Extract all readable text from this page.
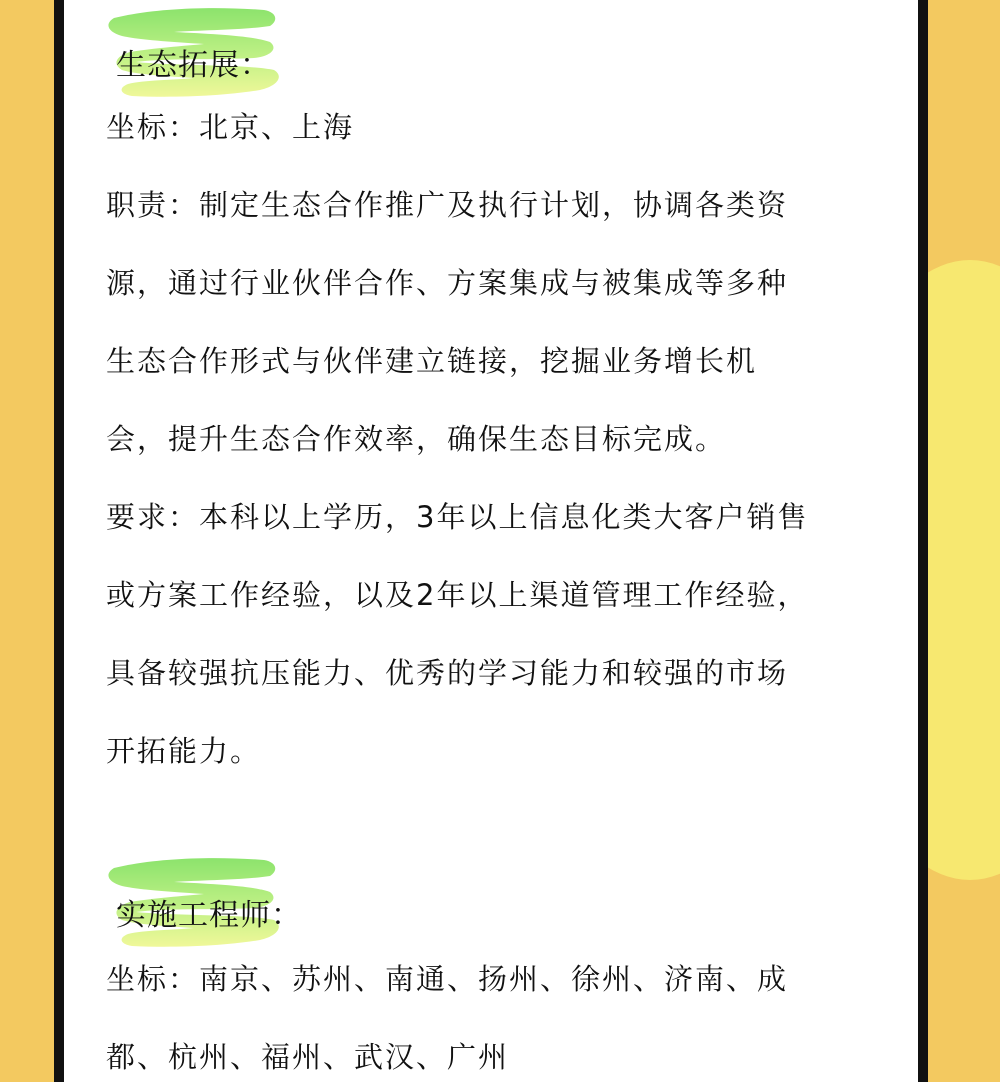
生态拓展：
坐标：北京、上海
职责：制定生态合作推广及执行计划，协调各类资
源，通过行业伙伴合作、方案集成与被集成等多种
生态合作形式与伙伴建立链接，挖掘业务增长机
会，提升生态合作效率，确保生态目标完成。
要求：本科以上学历，3年以上信息化类大客户销售
或方案工作经验，以及2年以上渠道管理工作经验，
具备较强抗压能力、优秀的学习能力和较强的市场
开拓能力。
实施工程师：
坐标：南京、苏州、南通、扬州、徐州、济南、成
都、杭州、福州、武汉、广州
